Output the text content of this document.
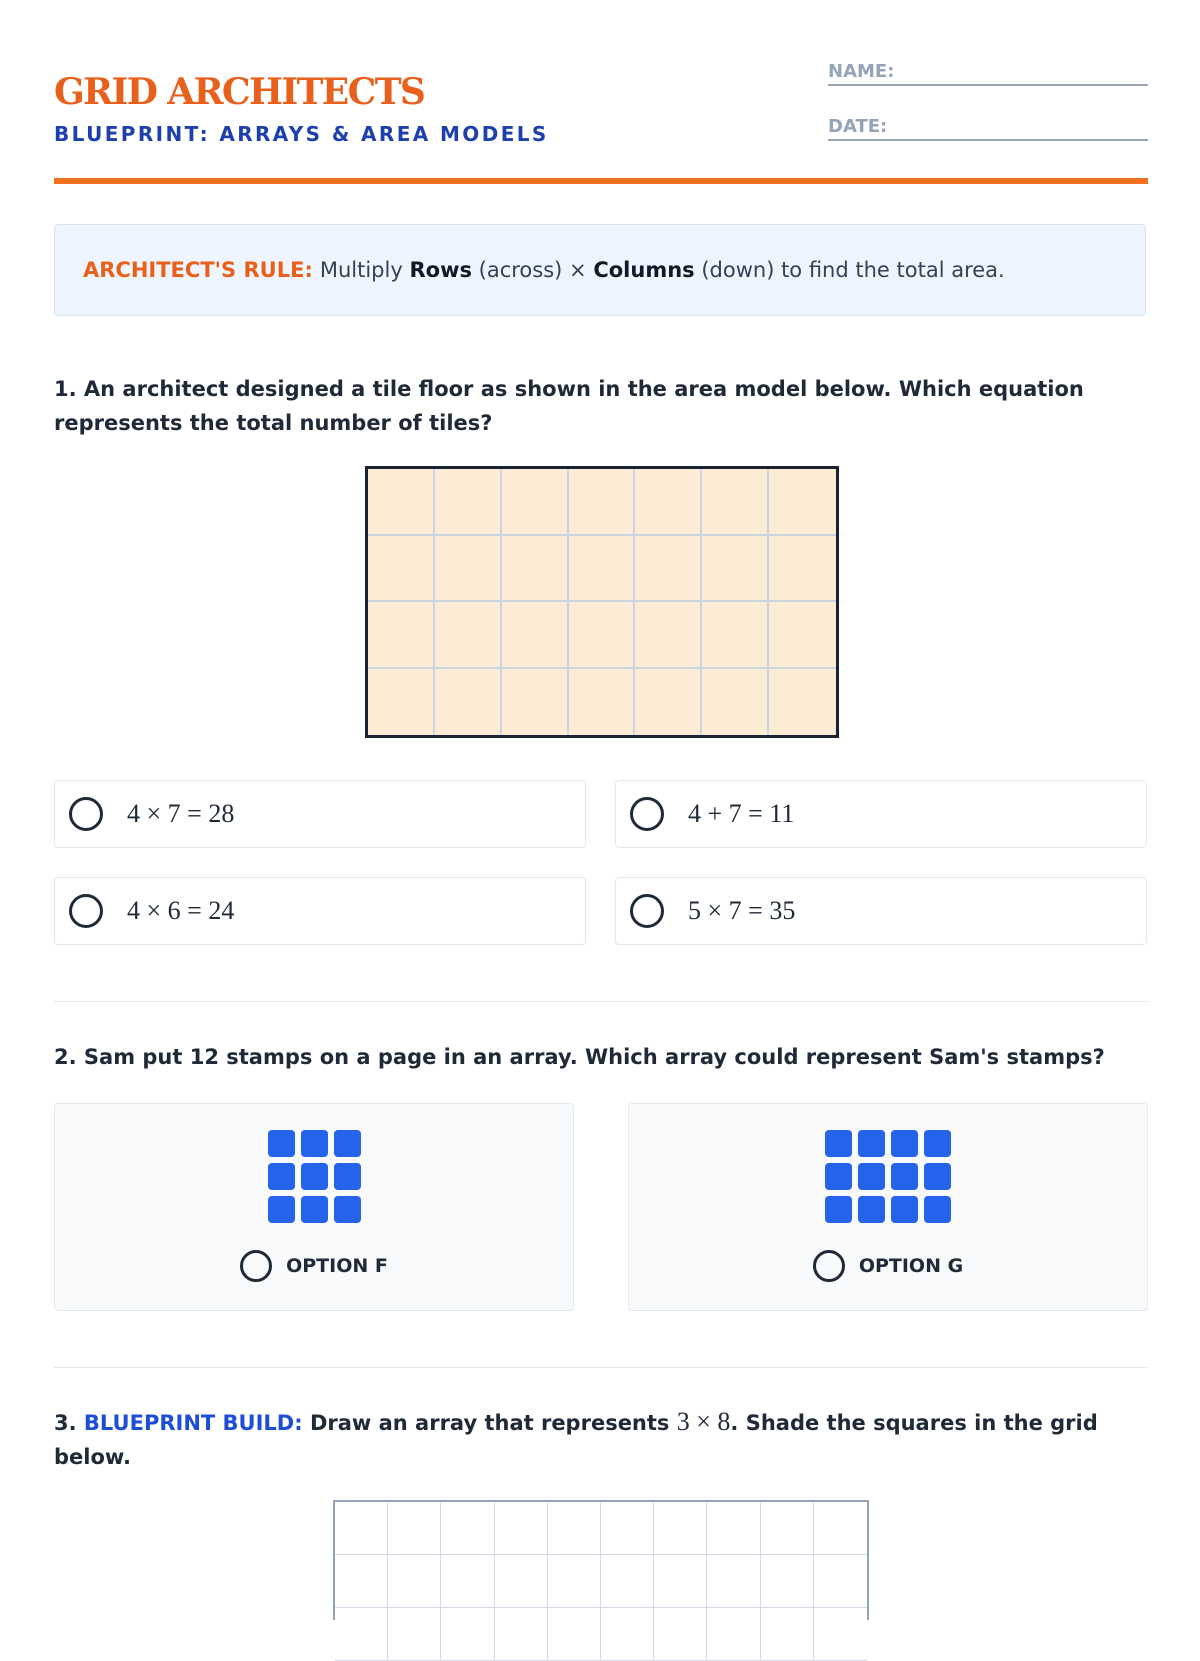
GRID ARCHITECTS
BLUEPRINT: ARRAYS & AREA MODELS
NAME:
DATE:
ARCHITECT'S RULE: Multiply
Rows
(across) ×
Columns
(down) to find the total area.

1. An architect designed a tile floor as shown in the area model below. Which equation represents the total number of tiles?

4 × 7 = 28	4 + 7 = 11
4 × 6 = 24	5 × 7 = 35

2. Sam put 12 stamps on a page in an array. Which array could represent Sam's stamps?

OPTION F	OPTION G

3. BLUEPRINT BUILD: Draw an array that represents 3 × 8. Shade the squares in the grid below.
